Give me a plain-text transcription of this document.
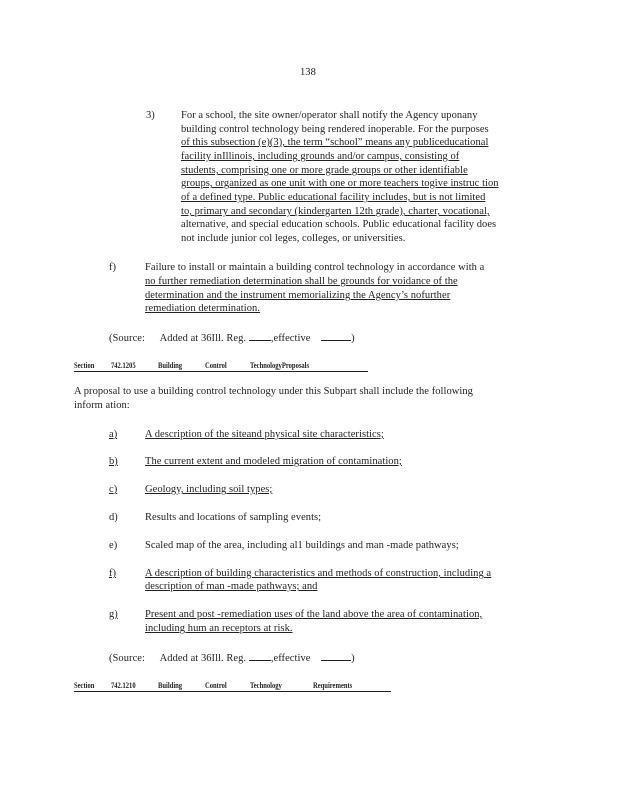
138
3) For a school, the site owner/operator shall notify the Agency uponany
building control technology being rendered inoperable. For the purposes
of this subsection (e)(3), the term “school” means any publiceducational
facility inIllinois, including grounds and/or campus, consisting of
students, comprising one or more grade groups or other identifiable
groups, organized as one unit with one or more teachers togive instruc tion
of a defined type. Public educational facility includes, but is not limited
to, primary and secondary (kindergarten 12th grade), charter, vocational,
alternative, and special education schools. Public educational facility does
not include junior col leges, colleges, or universities.
f)	Failure to install or maintain a building control technology in accordance with a
no further remediation determination shall be grounds for voidance of the
determination and the instrument memorializing the Agency’s nofurther
remediation determination.
(Source: Added at 36Ill. Reg. ,effective	)
Section 742.1205	Building	Control	TechnologyProposals
A proposal to use a building control technology under this Subpart shall include the following
inform ation:
a)	A description of the siteand physical site characteristics;
b)	The current extent and modeled migration of contamination;
c)	Geology, including soil types;
d)	Results and locations of sampling events;
e)	Scaled map of the area, including al1 buildings and man -made pathways;
f)	A description of building characteristics and methods of construction, including a
description of man -made pathways; and
g)	Present and post -remediation uses of the land above the area of contamination,
including hum an receptors at risk.
(Source: Added at 36Ill. Reg. ,effective	)
Section 742.1210	Building	Control	Technology	Requirements
